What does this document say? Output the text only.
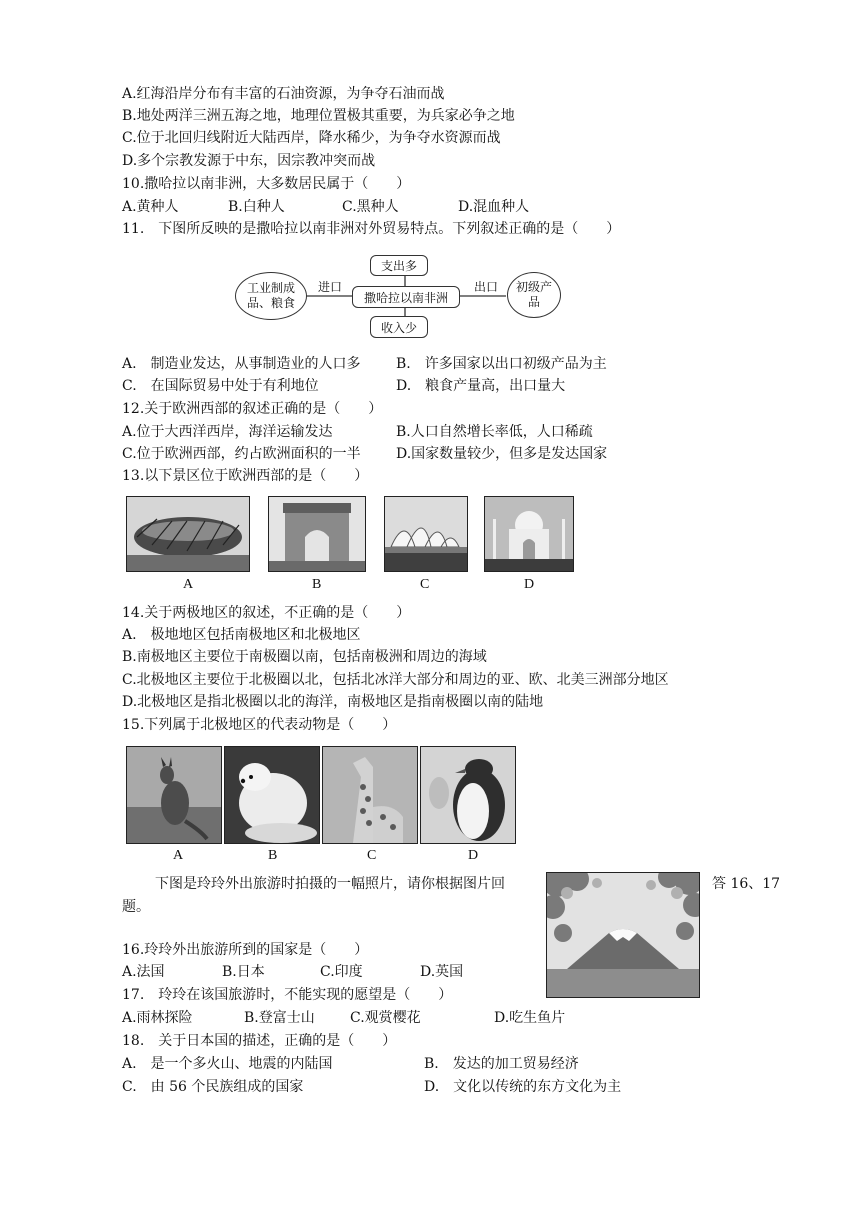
A.红海沿岸分布有丰富的石油资源，为争夺石油而战
B.地处两洋三洲五海之地，地理位置极其重要，为兵家必争之地
C.位于北回归线附近大陆西岸，降水稀少，为争夺水资源而战
D.多个宗教发源于中东，因宗教冲突而战
10.撒哈拉以南非洲，大多数居民属于（　　）
A.黄种人	B.白种人	C.黑种人	D.混血种人
11.　下图所反映的是撒哈拉以南非洲对外贸易特点。下列叙述正确的是（　　）
工业制成品、粮食
支出多
撒哈拉以南非洲
收入少
初级产品
进口	出口
A.　制造业发达，从事制造业的人口多	B.　许多国家以出口初级产品为主
C.　在国际贸易中处于有利地位	D.　粮食产量高，出口量大
12.关于欧洲西部的叙述正确的是（　　）
A.位于大西洋西岸，海洋运输发达	B.人口自然增长率低，人口稀疏
C.位于欧洲西部，约占欧洲面积的一半	D.国家数量较少，但多是发达国家
13.以下景区位于欧洲西部的是（　　）
A	B	C	D
14.关于两极地区的叙述，不正确的是（　　）
A.　极地地区包括南极地区和北极地区
B.南极地区主要位于南极圈以南，包括南极洲和周边的海域
C.北极地区主要位于北极圈以北，包括北冰洋大部分和周边的亚、欧、北美三洲部分地区
D.北极地区是指北极圈以北的海洋，南极地区是指南极圈以南的陆地
15.下列属于北极地区的代表动物是（　　）
A	B	C	D
下图是玲玲外出旅游时拍摄的一幅照片，请你根据图片回	答 16、17
题。
16.玲玲外出旅游所到的国家是（　　）
A.法国	B.日本	C.印度	D.英国
17.　玲玲在该国旅游时，不能实现的愿望是（　　）
A.雨林探险	B.登富士山	C.观赏樱花	D.吃生鱼片
18.　关于日本国的描述，正确的是（　　）
A.　是一个多火山、地震的内陆国	B.　发达的加工贸易经济
C.　由 56 个民族组成的国家	D.　文化以传统的东方文化为主
